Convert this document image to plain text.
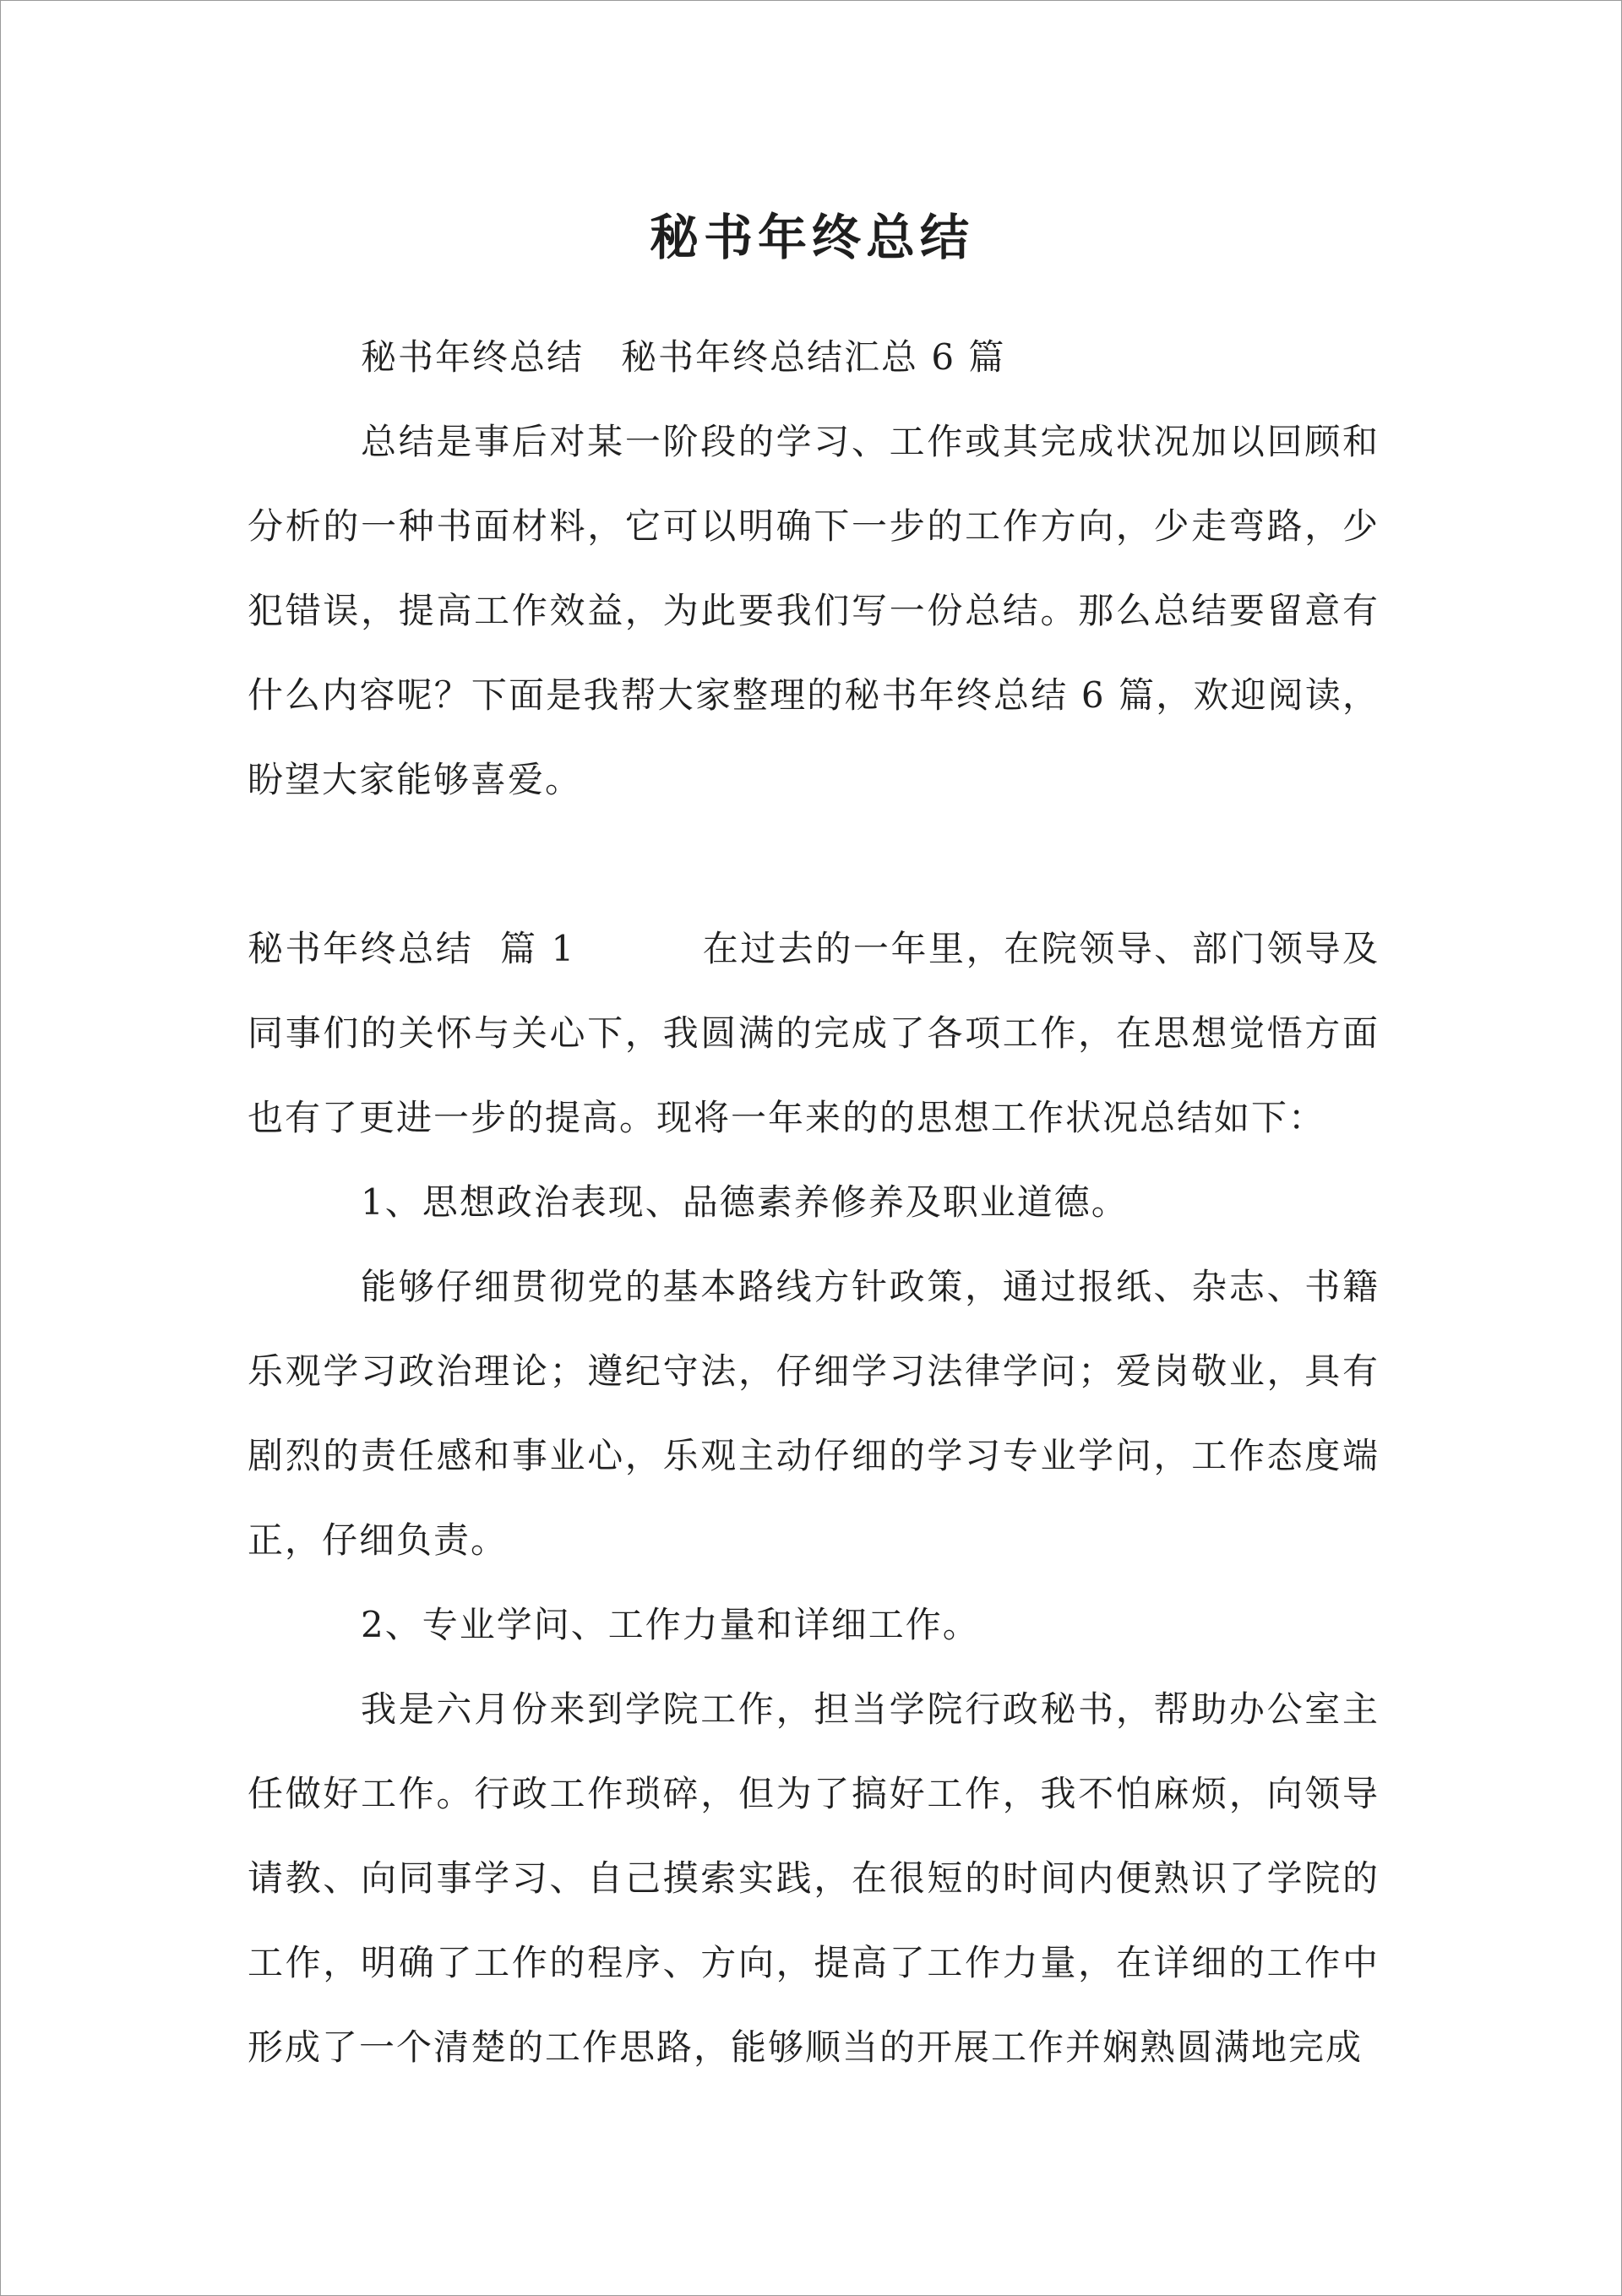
秘书年终总结

秘书年终总结　秘书年终总结汇总 6 篇

总结是事后对某一阶段的学习、工作或其完成状况加以回顾和分析的一种书面材料，它可以明确下一步的工作方向，少走弯路，少犯错误，提高工作效益，为此要我们写一份总结。那么总结要留意有什么内容呢？下面是我帮大家整理的秘书年终总结 6 篇，欢迎阅读，盼望大家能够喜爱。

秘书年终总结  篇 1	在过去的一年里，在院领导、部门领导及同事们的关怀与关心下，我圆满的完成了各项工作，在思想觉悟方面也有了更进一步的提高。现将一年来的的思想工作状况总结如下：

1、思想政治表现、品德素养修养及职业道德。

能够仔细贯彻党的基本路线方针政策，通过报纸、杂志、书籍乐观学习政治理论；遵纪守法，仔细学习法律学问；爱岗敬业，具有剧烈的责任感和事业心，乐观主动仔细的学习专业学问，工作态度端正，仔细负责。

2、专业学问、工作力量和详细工作。

我是六月份来到学院工作，担当学院行政秘书，帮助办公室主任做好工作。行政工作琐碎，但为了搞好工作，我不怕麻烦，向领导请教、向同事学习、自己摸索实践，在很短的时间内便熟识了学院的工作，明确了工作的程序、方向，提高了工作力量，在详细的工作中形成了一个清楚的工作思路，能够顺当的开展工作并娴熟圆满地完成
